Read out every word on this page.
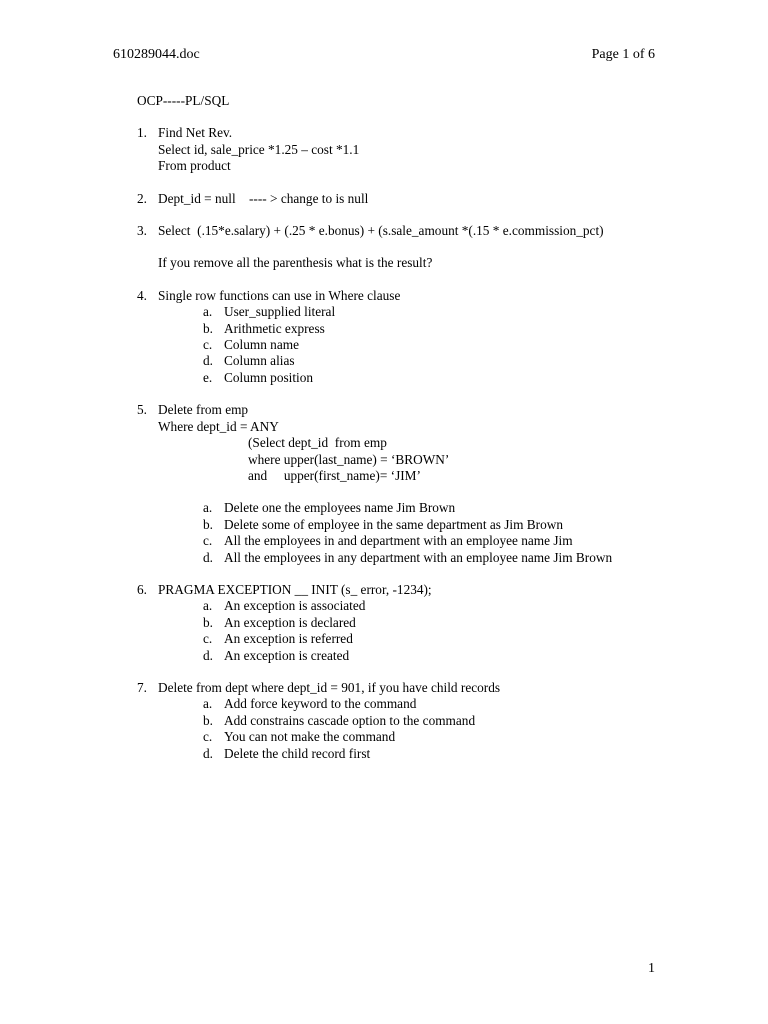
610289044.doc	Page 1 of 6
OCP-----PL/SQL
1. Find Net Rev.
Select id, sale_price *1.25 – cost *1.1
From product
2. Dept_id = null    ---- > change to is null
3. Select  (.15*e.salary) + (.25 * e.bonus) + (s.sale_amount *(.15 * e.commission_pct)
If you remove all the parenthesis what is the result?
4. Single row functions can use in Where clause
a. User_supplied literal
b. Arithmetic express
c. Column name
d. Column alias
e. Column position
5. Delete from emp
Where dept_id = ANY
(Select dept_id  from emp
where upper(last_name) = ‘BROWN’
and     upper(first_name)= ‘JIM’
a. Delete one the employees name Jim Brown
b. Delete some of employee in the same department as Jim Brown
c. All the employees in and department with an employee name Jim
d. All the employees in any department with an employee name Jim Brown
6. PRAGMA EXCEPTION __ INIT (s_ error, -1234);
a. An exception is associated
b. An exception is declared
c. An exception is referred
d. An exception is created
7. Delete from dept where dept_id = 901, if you have child records
a. Add force keyword to the command
b. Add constrains cascade option to the command
c. You can not make the command
d. Delete the child record first
1
